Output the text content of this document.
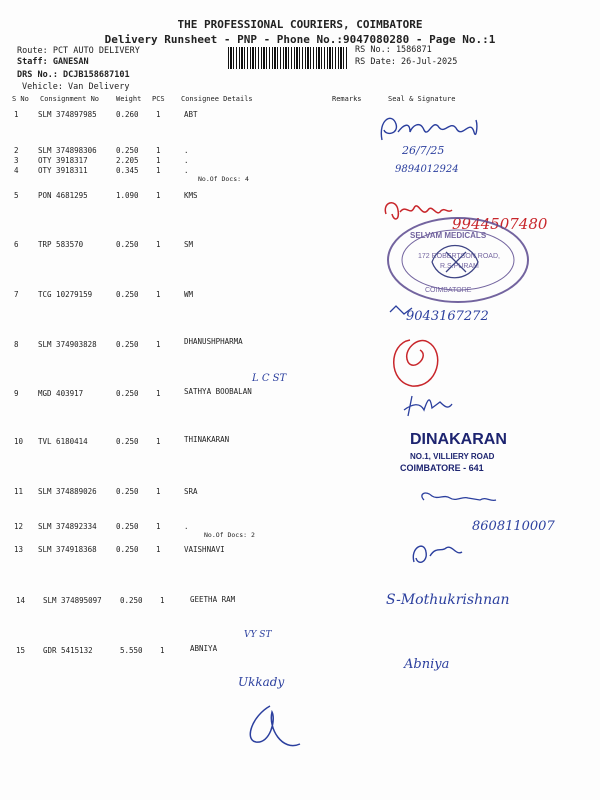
THE PROFESSIONAL COURIERS, COIMBATORE
Delivery Runsheet - PNP - Phone No.:9047080280 - Page No.:1
Route: PCT AUTO DELIVERY
Staff: GANESAN
DRS No.: DCJB158687101
Vehicle: Van Delivery
RS No.: 1586871
RS Date: 26-Jul-2025
S No Consignment No Weight PCS Consignee Details	Remarks	Seal & Signature
1	SLM 374897985	0.260 1	ABT
2	SLM 374898306	0.250 1	.
3	OTY 3918317	2.205 1	.
4	OTY 3918311	0.345 1	.
No.Of Docs: 4
5	PON 4681295	1.090 1	KMS
6	TRP 583570	0.250 1	SM
7	TCG 10279159	0.250 1	WM
8	SLM 374903828	0.250 1	DHANUSHPHARMA
9	MGD 403917	0.250 1	SATHYA BOOBALAN
10 TVL 6180414	0.250 1	THINAKARAN
11 SLM 374889026	0.250 1	SRA
12 SLM 374892334	0.250 1	.
No.Of Docs: 2
13 SLM 374918368	0.250 1	VAISHNAVI
14 SLM 374895097 0.250 1	GEETHA RAM
15 GDR 5415132	5.550 1	ABNIYA
26/7/25
9894012924
9944507480
SELVAM MEDICALS
172 ROBERTSON ROAD,
R.S.PURAM
COIMBATORE
9043167272
L C ST
DINAKARAN
NO.1, VILLIERY ROAD
COIMBATORE - 641
8608110007
S-Mothukrishnan
VY ST
Abniya
Ukkady
